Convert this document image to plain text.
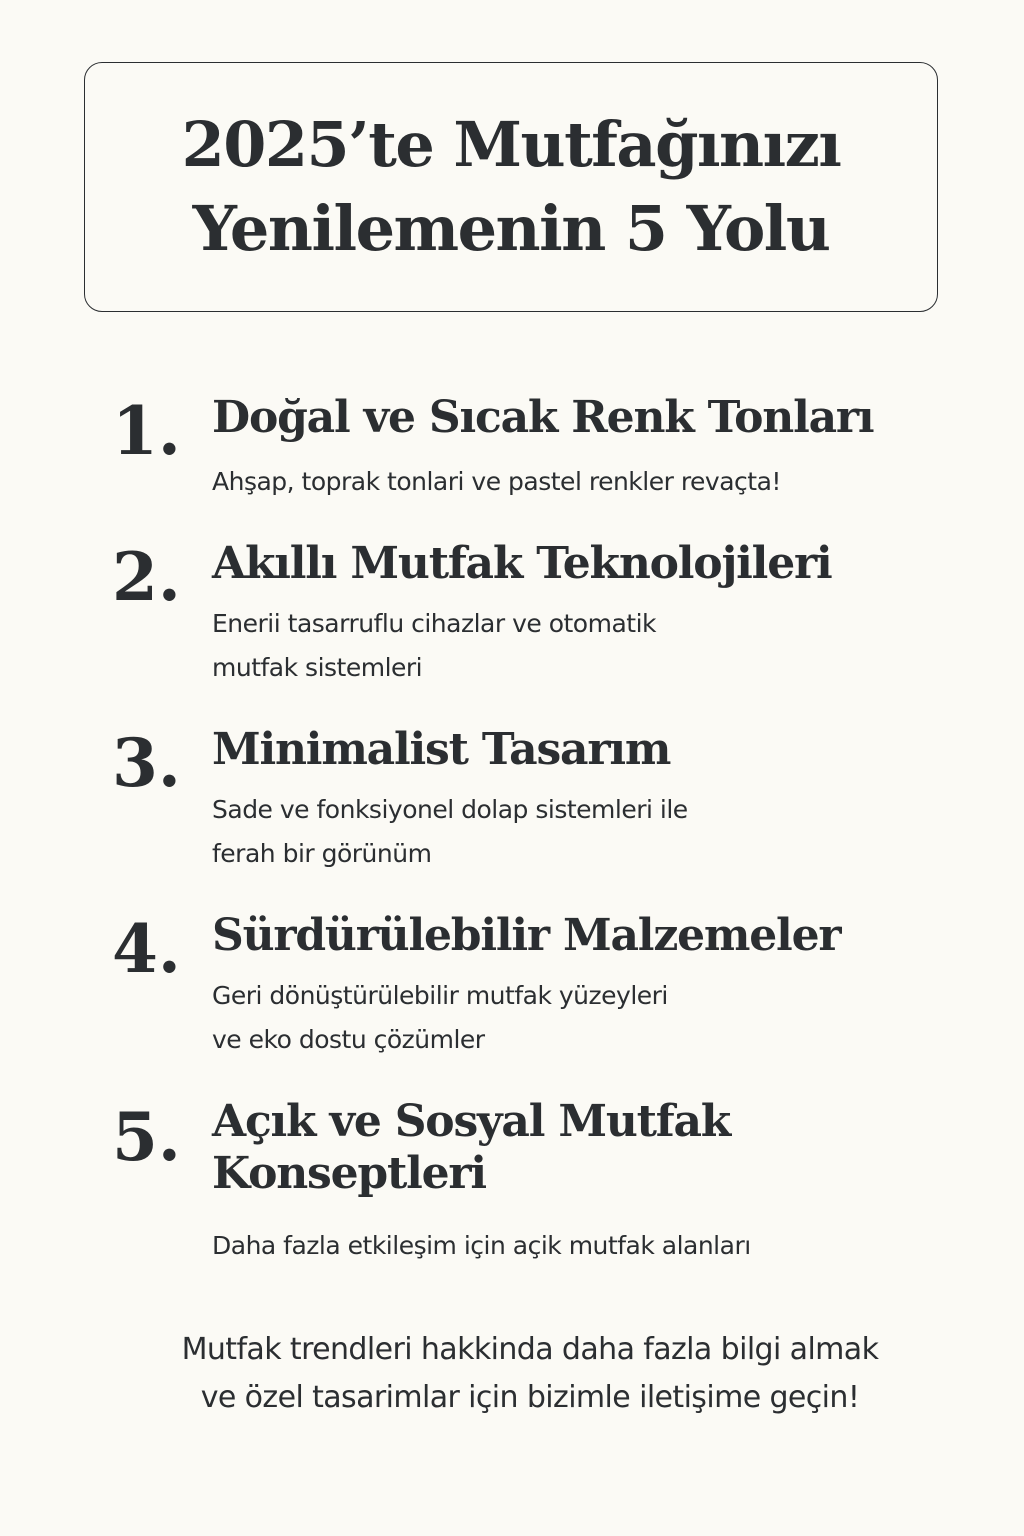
2025’te Mutfağınızı
Yenilemenin 5 Yolu
1. Doğal ve Sıcak Renk Tonları
Ahşap, toprak tonlari ve pastel renkler revaçta!
2. Akıllı Mutfak Teknolojileri
Enerii tasarruflu cihazlar ve otomatik
mutfak sistemleri
3. Minimalist Tasarım
Sade ve fonksiyonel dolap sistemleri ile
ferah bir görünüm
4. Sürdürülebilir Malzemeler
Geri dönüştürülebilir mutfak yüzeyleri
ve eko dostu çözümler
5. Açık ve Sosyal Mutfak
Konseptleri
Daha fazla etkileşim için açik mutfak alanları
Mutfak trendleri hakkinda daha fazla bilgi almak
ve özel tasarimlar için bizimle iletişime geçin!
